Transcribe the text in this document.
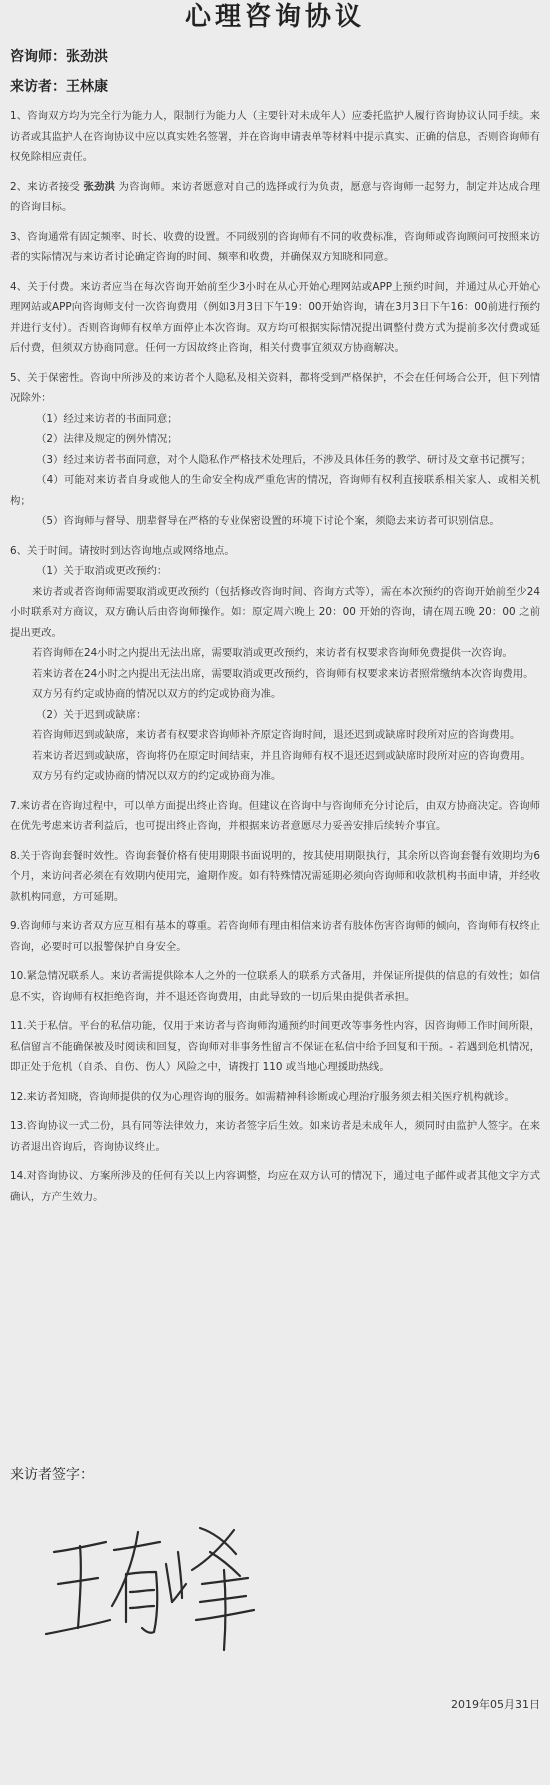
心理咨询协议

咨询师：张劲洪

来访者：王林康

1、咨询双方均为完全行为能力人，限制行为能力人（主要针对未成年人）应委托监护人履行咨询协议认同手续。来访者或其监护人在咨询协议中应以真实姓名签署，并在咨询申请表单等材料中提示真实、正确的信息，否则咨询师有权免除相应责任。

2、来访者接受 张劲洪 为咨询师。来访者愿意对自己的选择或行为负责，愿意与咨询师一起努力，制定并达成合理的咨询目标。

3、咨询通常有固定频率、时长、收费的设置。不同级别的咨询师有不同的收费标准，咨询师或咨询顾问可按照来访者的实际情况与来访者讨论确定咨询的时间、频率和收费，并确保双方知晓和同意。

4、关于付费。来访者应当在每次咨询开始前至少3小时在从心开始心理网站或APP上预约时间，并通过从心开始心理网站或APP向咨询师支付一次咨询费用（例如3月3日下午19：00开始咨询，请在3月3日下午16：00前进行预约并进行支付）。否则咨询师有权单方面停止本次咨询。双方均可根据实际情况提出调整付费方式为提前多次付费或延后付费，但须双方协商同意。任何一方因故终止咨询，相关付费事宜须双方协商解决。

5、关于保密性。咨询中所涉及的来访者个人隐私及相关资料，都将受到严格保护，不会在任何场合公开，但下列情况除外：

（1）经过来访者的书面同意；

（2）法律及规定的例外情况；

（3）经过来访者书面同意，对个人隐私作严格技术处理后，不涉及具体任务的教学、研讨及文章书记撰写；

（4）可能对来访者自身或他人的生命安全构成严重危害的情况，咨询师有权利直接联系相关家人、或相关机构；

（5）咨询师与督导、朋辈督导在严格的专业保密设置的环境下讨论个案，须隐去来访者可识别信息。

6、关于时间。请按时到达咨询地点或网络地点。

（1）关于取消或更改预约：

来访者或者咨询师需要取消或更改预约（包括修改咨询时间、咨询方式等），需在本次预约的咨询开始前至少24小时联系对方商议，双方确认后由咨询师操作。如：原定周六晚上 20：00 开始的咨询，请在周五晚 20：00 之前提出更改。

若咨询师在24小时之内提出无法出席，需要取消或更改预约，来访者有权要求咨询师免费提供一次咨询。

若来访者在24小时之内提出无法出席，需要取消或更改预约，咨询师有权要求来访者照常缴纳本次咨询费用。

双方另有约定或协商的情况以双方的约定或协商为准。

（2）关于迟到或缺席：

若咨询师迟到或缺席，来访者有权要求咨询师补齐原定咨询时间，退还迟到或缺席时段所对应的咨询费用。

若来访者迟到或缺席，咨询将仍在原定时间结束，并且咨询师有权不退还迟到或缺席时段所对应的咨询费用。

双方另有约定或协商的情况以双方的约定或协商为准。

7.来访者在咨询过程中，可以单方面提出终止咨询。但建议在咨询中与咨询师充分讨论后，由双方协商决定。咨询师在优先考虑来访者利益后，也可提出终止咨询，并根据来访者意愿尽力妥善安排后续转介事宜。

8.关于咨询套餐时效性。咨询套餐价格有使用期限书面说明的，按其使用期限执行，其余所以咨询套餐有效期均为6个月，来访问者必须在有效期内使用完，逾期作废。如有特殊情况需延期必须向咨询师和收款机构书面申请，并经收款机构同意，方可延期。

9.咨询师与来访者双方应互相有基本的尊重。若咨询师有理由相信来访者有肢体伤害咨询师的倾向，咨询师有权终止咨询，必要时可以报警保护自身安全。

10.紧急情况联系人。来访者需提供除本人之外的一位联系人的联系方式备用，并保证所提供的信息的有效性；如信息不实，咨询师有权拒绝咨询，并不退还咨询费用，由此导致的一切后果由提供者承担。

11.关于私信。平台的私信功能，仅用于来访者与咨询师沟通预约时间更改等事务性内容，因咨询师工作时间所限，私信留言不能确保被及时阅读和回复，咨询师对非事务性留言不保证在私信中给予回复和干预。- 若遇到危机情况，即正处于危机（自杀、自伤、伤人）风险之中，请拨打 110 或当地心理援助热线。

12.来访者知晓，咨询师提供的仅为心理咨询的服务。如需精神科诊断或心理治疗服务须去相关医疗机构就诊。

13.咨询协议一式二份，具有同等法律效力，来访者签字后生效。如来访者是未成年人，须同时由监护人签字。在来访者退出咨询后，咨询协议终止。

14.对咨询协议、方案所涉及的任何有关以上内容调整，均应在双方认可的情况下，通过电子邮件或者其他文字方式确认，方产生效力。

来访者签字：

2019年05月31日
